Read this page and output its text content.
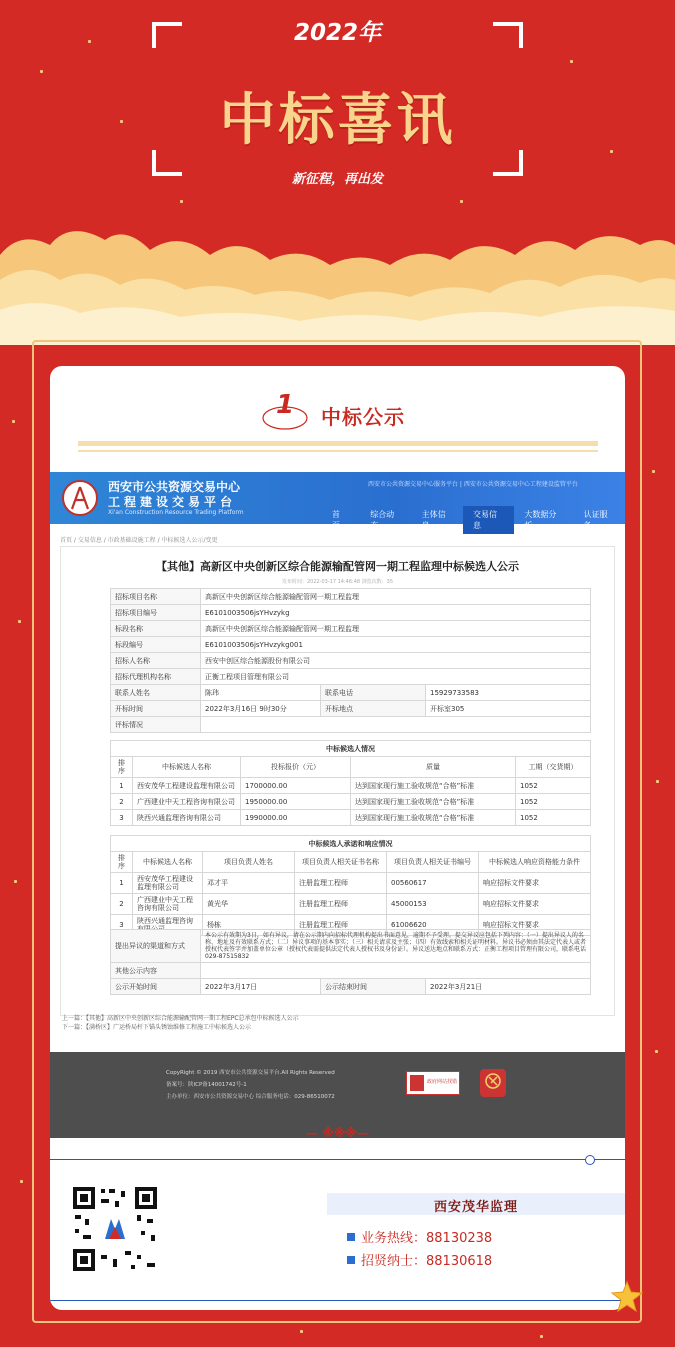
2022年
中标喜讯
新征程，再出发
1 中标公示
西安市公共资源交易中心
工程建设交易平台
Xi'an Construction Resource Trading Platform
西安市公共资源交易中心服务平台 | 西安市公共资源交易中心工程建设监管平台
首 页
综合动态
主体信息
交易信息
大数据分析
认证服务
首页 / 交易信息 / 市政基础设施工程 / 中标候选人公示/变更
【其他】高新区中央创新区综合能源输配管网一期工程监理中标候选人公示
发布时间：2022-03-17 14:46:48 浏览次数：35
招标项目名称	高新区中央创新区综合能源输配管网一期工程监理		
招标项目编号	E6101003506jsYHvzykg		
标段名称	高新区中央创新区综合能源输配管网一期工程监理		
标段编号	E6101003506jsYHvzykg001		
招标人名称	西安中创区综合能源股份有限公司		
招标代理机构名称	正衡工程项目管理有限公司		
联系人姓名	陈玮	联系电话	15929733583
开标时间	2022年3月16日 9时30分	开标地点	开标室305
评标情况			
中标候选人情况				
排序	中标候选人名称	投标报价（元）	质量	工期（交货期）
1	西安茂华工程建设监理有限公司	1700000.00	达到国家现行施工验收规范“合格”标准	1052
2	广西建业中天工程咨询有限公司	1950000.00	达到国家现行施工验收规范“合格”标准	1052
3	陕西兴通监理咨询有限公司	1990000.00	达到国家现行施工验收规范“合格”标准	1052
中标候选人承诺和响应情况					
排序	中标候选人名称	项目负责人姓名	项目负责人相关证书名称	项目负责人相关证书编号	中标候选人响应资格能力条件
1	西安茂华工程建设监理有限公司	邓才平	注册监理工程师	00560617	响应招标文件要求
2	广西建业中天工程咨询有限公司	黄光华	注册监理工程师	45000153	响应招标文件要求
3	陕西兴通监理咨询	杨栋	注册监理工程师	61006620	响应招标文件要求
提出异议的渠道和方式	本公示有效期为3日，如有异议，请在公示期内向招标代理机构提出书面意见，逾期不予受理。提交异议应包括下列内容：（一）提出异议人的名称、地址及有效联系方式；（二）异议事项的基本事实；（三）相关请求及主张；（四）有效线索和相关证明材料。异议书必须由其法定代表人或者授权代表签字并加盖单位公章（授权代表需提供法定代表人授权书及身份证）。异议送达地点和联系方式：正衡工程项目管理有限公司，联系电话029-87515832		
其他公示内容			
公示开始时间	2022年3月17日	公示结束时间	2022年3月21日
上一篇：【其他】高新区中央创新区综合能源输配管网一期工程EPC总承包中标候选人公示
下一篇：【满桥区】广运桥局杆下锚头锈蚀维修工程施工中标候选人公示
CopyRight © 2019 西安市公共资源交易平台.All Rights Reserved
备案号：陕ICP备14001742号-1
主办单位：西安市公共资源交易中心 综合服务电话：029-86510072
政府网站找错
— ※※※—
西安茂华监理
业务热线：88130238
招贤纳士：88130618
